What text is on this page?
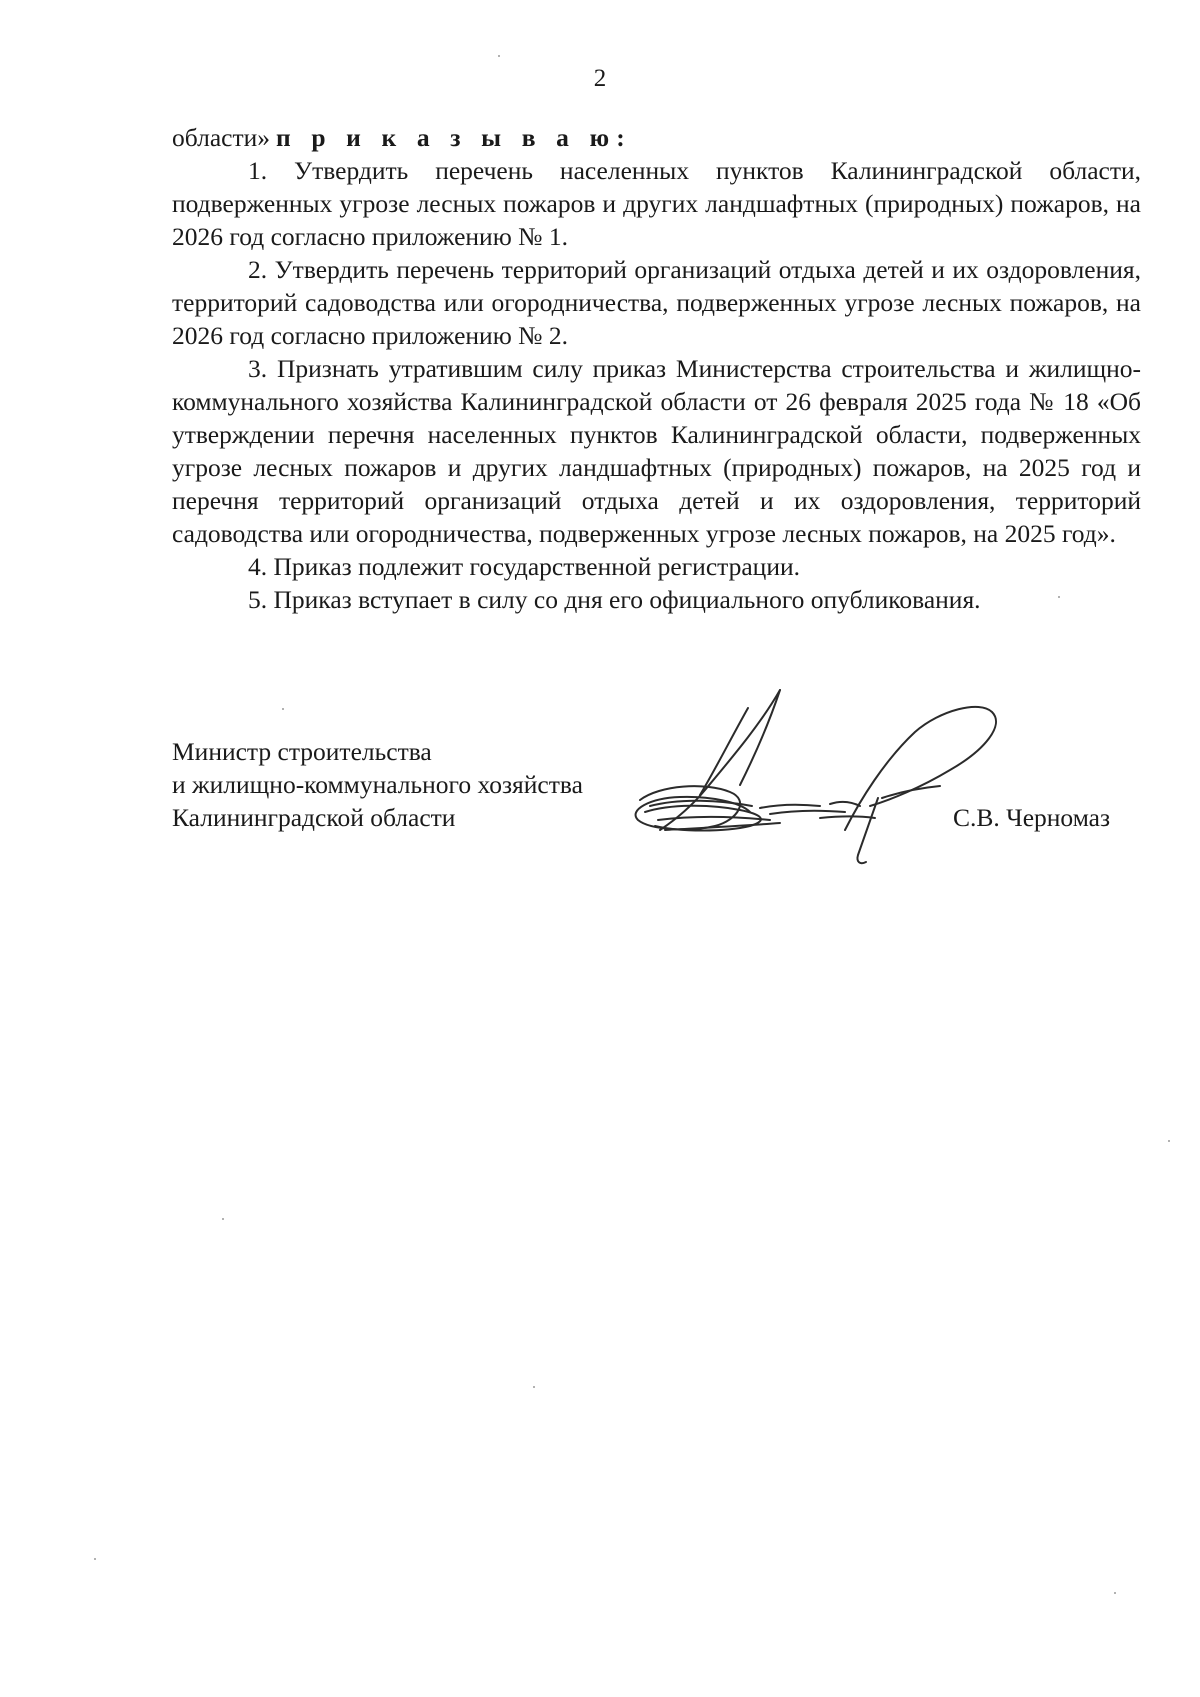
2

области» п р и к а з ы в а ю:

1. Утвердить перечень населенных пунктов Калининградской области, подверженных угрозе лесных пожаров и других ландшафтных (природных) пожаров, на 2026 год согласно приложению № 1.

2. Утвердить перечень территорий организаций отдыха детей и их оздоровления, территорий садоводства или огородничества, подверженных угрозе лесных пожаров, на 2026 год согласно приложению № 2.

3. Признать утратившим силу приказ Министерства строительства и жилищно-коммунального хозяйства Калининградской области от 26 февраля 2025 года № 18 «Об утверждении перечня населенных пунктов Калининградской области, подверженных угрозе лесных пожаров и других ландшафтных (природных) пожаров, на 2025 год и перечня территорий организаций отдыха детей и их оздоровления, территорий садоводства или огородничества, подверженных угрозе лесных пожаров, на 2025 год».

4. Приказ подлежит государственной регистрации.

5. Приказ вступает в силу со дня его официального опубликования.

Министр строительства
и жилищно-коммунального хозяйства
Калининградской области	С.В. Черномаз
